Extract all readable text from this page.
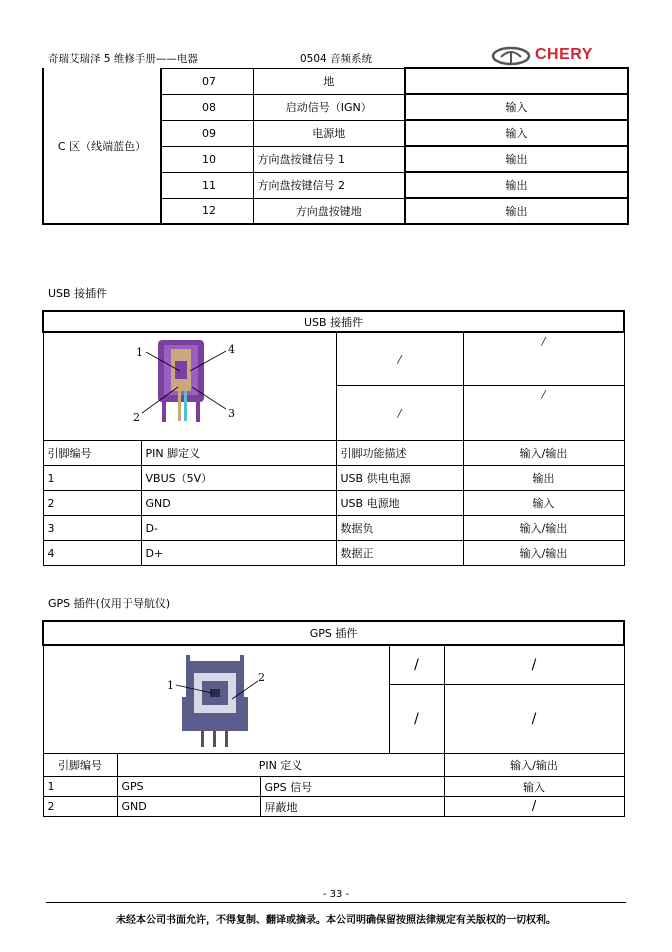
奇瑞艾瑞泽 5 维修手册——电器	0504 音频系统	CHERY
C 区（线端蓝色）	07	地	
	08	启动信号（IGN）	输入
	09	电源地	输入
	10	方向盘按键信号 1	输出
	11	方向盘按键信号 2	输出
	12	方向盘按键地	输出
USB 接插件
USB 接插件			

1 4
2 3		/	/
		/	/
引脚编号	PIN 脚定义	引脚功能描述	输入/输出
1	VBUS（5V）	USB 供电电源	输出
2	GND	USB 电源地	输入
3	D-	数据负	输入/输出
4	D+	数据正	输入/输出
GPS 插件(仅用于导航仪)
GPS 插件				

1
2			/	/
			/	/
引脚编号	PIN 定义			输入/输出
1	GPS	GPS 信号		输入
2	GND	屏蔽地		/
- 33 -
未经本公司书面允许，不得复制、翻译或摘录。本公司明确保留按照法律规定有关版权的一切权利。
